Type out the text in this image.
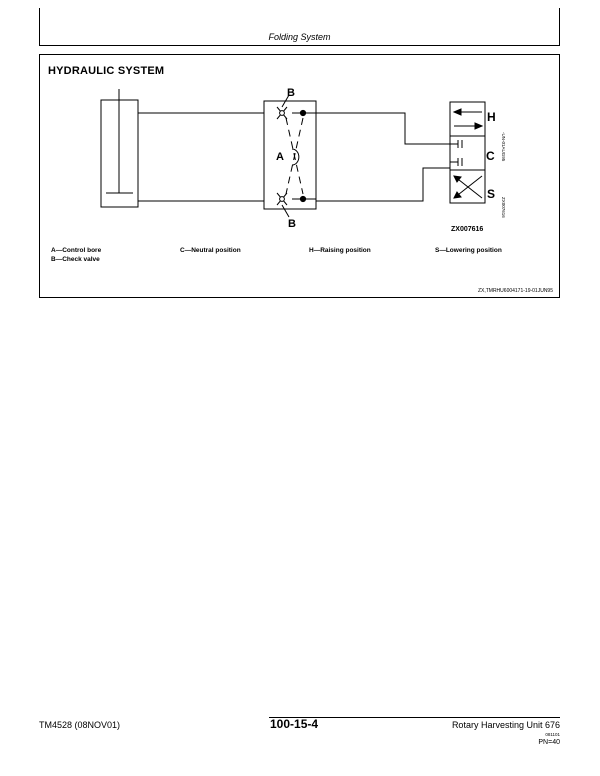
Folding System
HYDRAULIC SYSTEM
B
A
B
H
C
S
ZX007616
-UN-01AUG95
ZX007616
A—Control bore
B—Check valve
C—Neutral position	H—Raising position	S—Lowering position
ZX,TMRHU6004171-19-01JUN95
TM4528 (08NOV01)	100-15-4	Rotary Harvesting Unit 676
081101
PN=40
